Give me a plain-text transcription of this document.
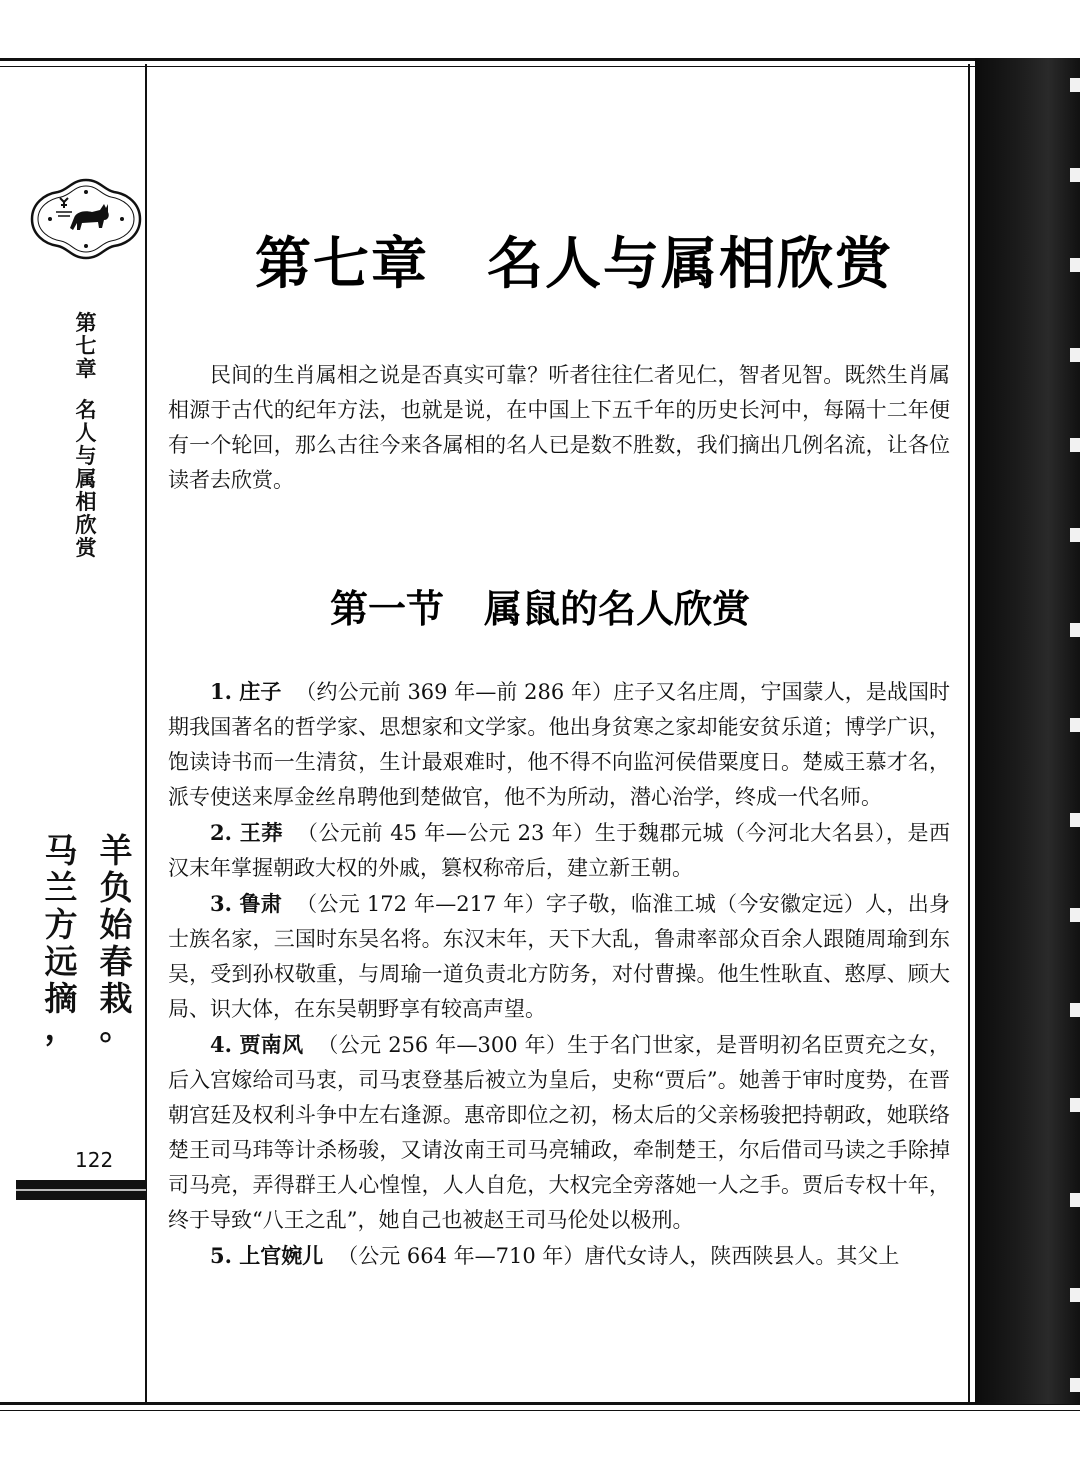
第
七
章
名
人
与
属
相
欣
赏
羊
负
始
春
栽
。
马
兰
方
远
摘
，
122
第七章 名人与属相欣赏

民间的生肖属相之说是否真实可靠？听者往往仁者见仁，智者见智。既然生肖属相源于古代的纪年方法，也就是说，在中国上下五千年的历史长河中，每隔十二年便有一个轮回，那么古往今来各属相的名人已是数不胜数，我们摘出几例名流，让各位读者去欣赏。

第一节 属鼠的名人欣赏

1. 庄子 （约公元前 369 年—前 286 年）庄子又名庄周，宁国蒙人，是战国时期我国著名的哲学家、思想家和文学家。他出身贫寒之家却能安贫乐道；博学广识，饱读诗书而一生清贫，生计最艰难时，他不得不向监河侯借粟度日。楚威王慕才名，派专使送来厚金丝帛聘他到楚做官，他不为所动，潜心治学，终成一代名师。

2. 王莽 （公元前 45 年—公元 23 年）生于魏郡元城（今河北大名县），是西汉末年掌握朝政大权的外戚，篡权称帝后，建立新王朝。

3. 鲁肃 （公元 172 年—217 年）字子敬，临淮工城（今安徽定远）人，出身士族名家，三国时东吴名将。东汉末年，天下大乱，鲁肃率部众百余人跟随周瑜到东吴，受到孙权敬重，与周瑜一道负责北方防务，对付曹操。他生性耿直、憨厚、顾大局、识大体，在东吴朝野享有较高声望。

4. 贾南风 （公元 256 年—300 年）生于名门世家，是晋明初名臣贾充之女，后入宫嫁给司马衷，司马衷登基后被立为皇后，史称“贾后”。她善于审时度势，在晋朝宫廷及权利斗争中左右逢源。惠帝即位之初，杨太后的父亲杨骏把持朝政，她联络楚王司马玮等计杀杨骏，又请汝南王司马亮辅政，牵制楚王，尔后借司马读之手除掉司马亮，弄得群王人心惶惶，人人自危，大权完全旁落她一人之手。贾后专权十年，终于导致“八王之乱”，她自己也被赵王司马伦处以极刑。

5. 上官婉儿 （公元 664 年—710 年）唐代女诗人，陕西陕县人。其父上
